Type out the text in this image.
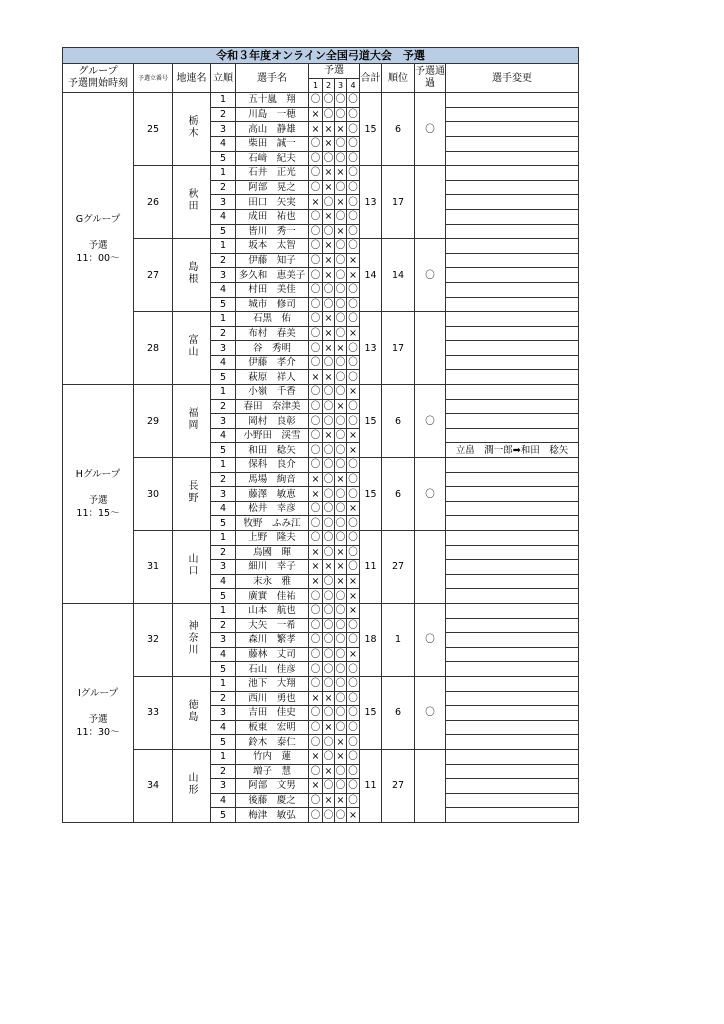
令和３年度オンライン全国弓道大会　予選												

グループ
予選開始時刻	予選立番号	地連名	立順	選手名	予選				合計	順位	予選通過	選手変更
					1	2	3	4				

Gグループ

予選
11：00～	25	栃木	1	五十嵐　翔	〇	〇	〇	〇	15	6	〇	
			2	川島　一穂	×	〇	〇	〇				
			3	高山　静雄	×	×	×	〇				
			4	柴田　誠一	〇	×	〇	〇				
			5	石﨑　紀夫	〇	〇	〇	〇				
	26	秋田	1	石井　正光	〇	×	×	〇	13	17		
			2	阿部　晃之	〇	×	〇	〇				
			3	田口　矢実	×	〇	×	〇				
			4	成田　祐也	〇	×	〇	〇				
			5	皆川　秀一	〇	〇	×	〇				
	27	島根	1	坂本　太智	〇	×	〇	〇	14	14	〇	
			2	伊藤　知子	〇	×	〇	×				
			3	多久和　恵美子	〇	×	〇	×				
			4	村田　美佳	〇	〇	〇	〇				
			5	城市　修司	〇	〇	〇	〇				
	28	富山	1	石黒　佑	〇	×	〇	〇	13	17		
			2	布村　春美	〇	×	〇	×				
			3	谷　秀明	〇	×	×	〇				
			4	伊藤　孝介	〇	〇	〇	〇				
			5	萩原　祥人	×	×	〇	〇				

Hグループ

予選
11：15～	29	福岡	1	小嶺　千香	〇	〇	〇	×	15	6	〇	
			2	春田　奈津美	〇	〇	×	〇				
			3	岡村　良彰	〇	〇	〇	〇				
			4	小野田　渓雪	〇	×	〇	×				
			5	和田　稔矢	〇	〇	〇	×				立畠　潤一郎➡和田　稔矢
	30	長野	1	保科　良介	〇	〇	〇	〇	15	6	〇	
			2	馬場　絢音	×	〇	×	〇				
			3	藤澤　敏恵	×	〇	〇	〇				
			4	松井　幸彦	〇	〇	〇	×				
			5	牧野　ふみ江	〇	〇	〇	〇				
	31	山口	1	上野　隆夫	〇	〇	〇	〇	11	27		
			2	烏國　暉	×	〇	×	〇				
			3	細川　幸子	×	×	×	〇				
			4	末永　雅	×	〇	×	×				
			5	廣實　佳祐	〇	〇	〇	×				

Iグループ

予選
11：30～	32	神奈川	1	山本　航也	〇	〇	〇	×	18	1	〇	
			2	大矢　一希	〇	〇	〇	〇				
			3	森川　繁孝	〇	〇	〇	〇				
			4	藤林　丈司	〇	〇	〇	×				
			5	石山　佳彦	〇	〇	〇	〇				
	33	徳島	1	池下　大翔	〇	〇	〇	〇	15	6	〇	
			2	西川　勇也	×	×	〇	〇				
			3	吉田　佳史	〇	〇	〇	〇				
			4	板東　宏明	〇	×	〇	〇				
			5	鈴木　泰仁	〇	〇	×	〇				
	34	山形	1	竹内　蓮	×	〇	×	〇	11	27		
			2	増子　慧	〇	×	〇	〇				
			3	阿部　文男	×	〇	〇	〇				
			4	後藤　慶之	〇	×	×	〇				
			5	梅津　敏弘	〇	〇	〇	×				
